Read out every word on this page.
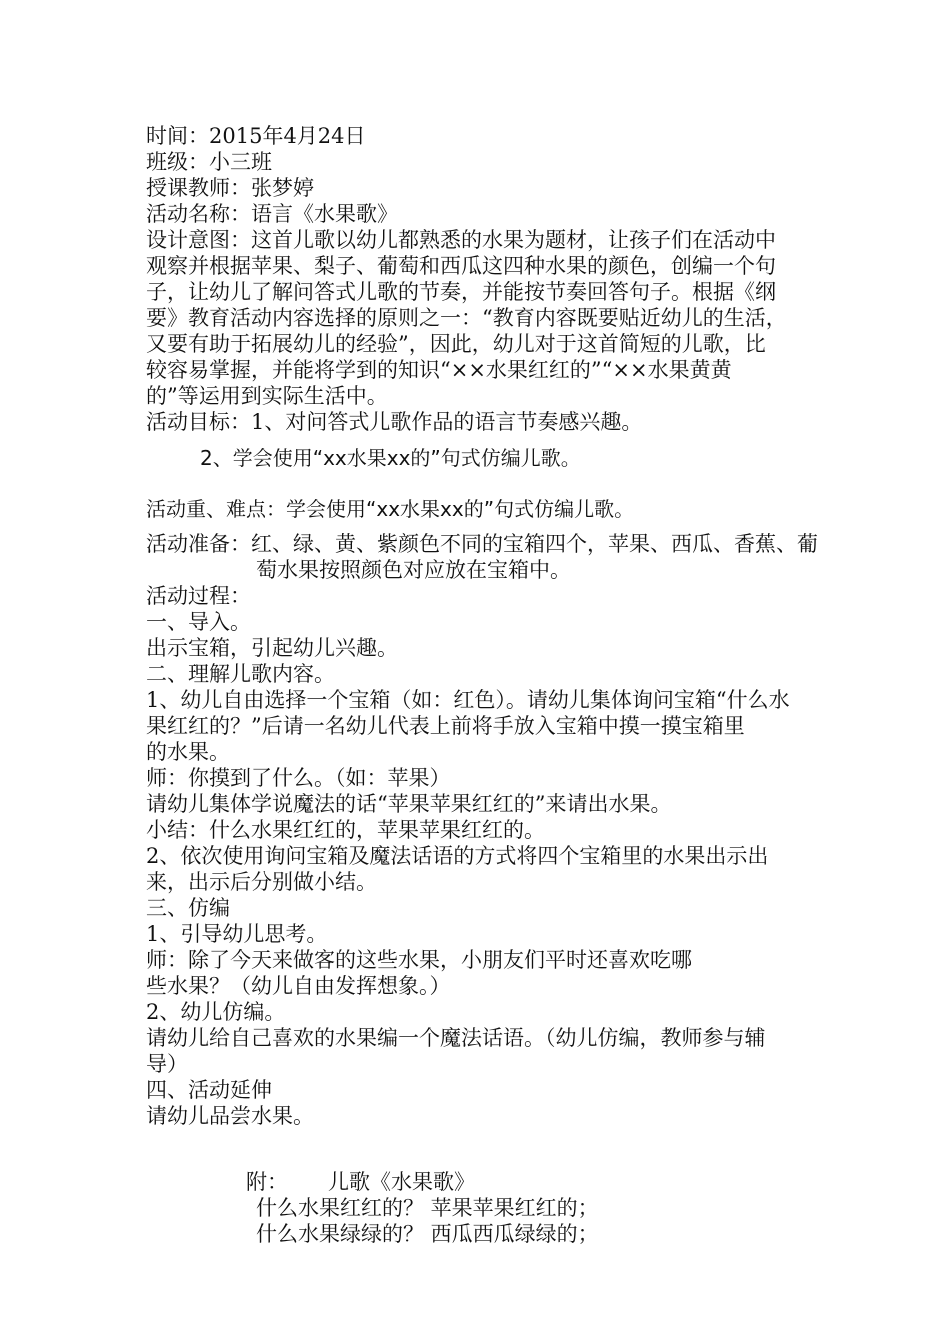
时间：2015年4月24日
班级：小三班
授课教师：张梦婷
活动名称：语言《水果歌》
设计意图：这首儿歌以幼儿都熟悉的水果为题材，让孩子们在活动中
观察并根据苹果、梨子、葡萄和西瓜这四种水果的颜色，创编一个句
子，让幼儿了解问答式儿歌的节奏，并能按节奏回答句子。根据《纲
要》教育活动内容选择的原则之一：“教育内容既要贴近幼儿的生活，
又要有助于拓展幼儿的经验”，因此，幼儿对于这首简短的儿歌，比
较容易掌握，并能将学到的知识“××水果红红的”“××水果黄黄
的”等运用到实际生活中。
活动目标：1、对问答式儿歌作品的语言节奏感兴趣。
2、学会使用“xx水果xx的”句式仿编儿歌。
活动重、难点：学会使用“xx水果xx的”句式仿编儿歌。
活动准备：红、绿、黄、紫颜色不同的宝箱四个，苹果、西瓜、香蕉、葡
萄水果按照颜色对应放在宝箱中。
活动过程：
一、导入。
出示宝箱，引起幼儿兴趣。
二、理解儿歌内容。
1、幼儿自由选择一个宝箱（如：红色）。请幼儿集体询问宝箱“什么水
果红红的？”后请一名幼儿代表上前将手放入宝箱中摸一摸宝箱里
的水果。
师：你摸到了什么。（如：苹果）
请幼儿集体学说魔法的话“苹果苹果红红的”来请出水果。
小结：什么水果红红的，苹果苹果红红的。
2、依次使用询问宝箱及魔法话语的方式将四个宝箱里的水果出示出
来，出示后分别做小结。
三、仿编
1、引导幼儿思考。
师：除了今天来做客的这些水果，小朋友们平时还喜欢吃哪
些水果？（幼儿自由发挥想象。）
2、幼儿仿编。
请幼儿给自己喜欢的水果编一个魔法话语。（幼儿仿编，教师参与辅
导）
四、活动延伸
请幼儿品尝水果。
附：      儿歌《水果歌》
什么水果红红的？ 苹果苹果红红的；
什么水果绿绿的？ 西瓜西瓜绿绿的；
